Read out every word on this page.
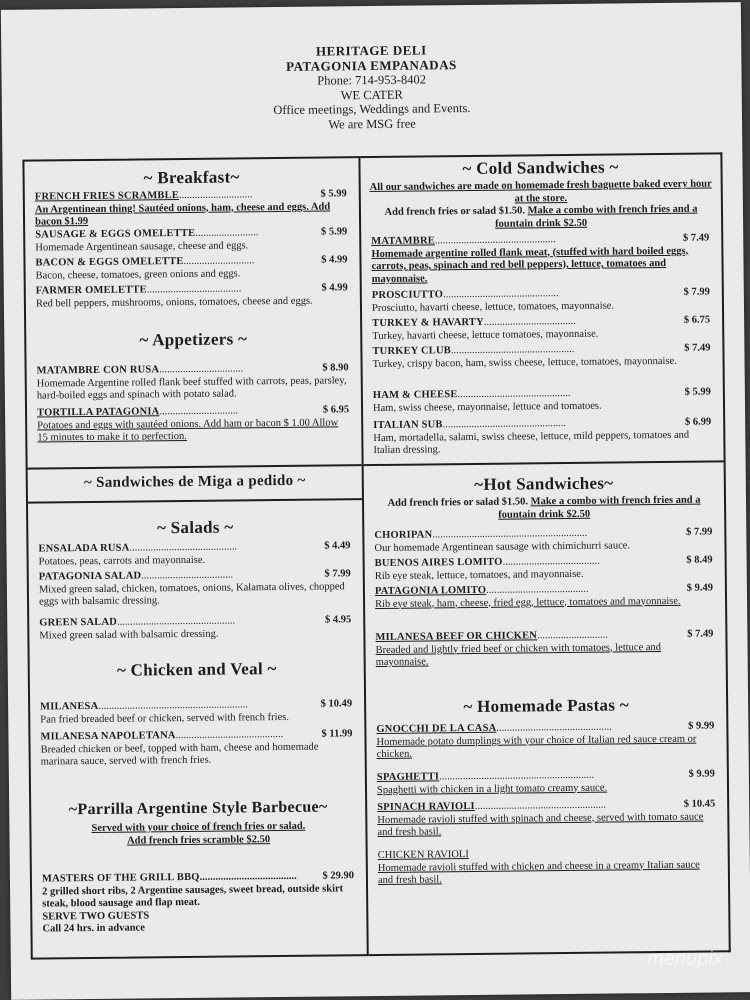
HERITAGE DELI
PATAGONIA EMPANADAS
Phone: 714-953-8402
WE CATER
Office meetings, Weddings and Events.
We are MSG free
~ Breakfast~
FRENCH FRIES SCRAMBLE............................	$ 5.99
An Argentinean thing! Sautéed onions, ham, cheese and eggs. Add bacon $1.99
SAUSAGE & EGGS OMELETTE........................	$ 5.99
Homemade Argentinean sausage, cheese and eggs.
BACON & EGGS OMELETTE...........................	$ 4.99
Bacon, cheese, tomatoes, green onions and eggs.
FARMER OMELETTE....................................	$ 4.99
Red bell peppers, mushrooms, onions, tomatoes, cheese and eggs.
~ Appetizers ~
MATAMBRE CON RUSA................................	$ 8.90
Homemade Argentine rolled flank beef stuffed with carrots, peas, parsley, hard-boiled eggs and spinach with potato salad.
TORTILLA PATAGONIA..............................	$ 6.95
Potatoes and eggs with sautéed onions. Add ham or bacon $ 1.00 Allow 15 minutes to make it to perfection.
~ Sandwiches de Miga a pedido ~
~ Salads ~
ENSALADA RUSA.........................................	$ 4.49
Potatoes, peas, carrots and mayonnaise.
PATAGONIA SALAD...................................	$ 7.99
Mixed green salad, chicken, tomatoes, onions, Kalamata olives, chopped eggs with balsamic dressing.
GREEN SALAD.............................................	$ 4.95
Mixed green salad with balsamic dressing.
~ Chicken and Veal ~
MILANESA.........................................................	$ 10.49
Pan fried breaded beef or chicken, served with french fries.
MILANESA NAPOLETANA.........................................	$ 11.99
Breaded chicken or beef, topped with ham, cheese and homemade marinara sauce, served with french fries.
~Parrilla Argentine Style Barbecue~
Served with your choice of french fries or salad.
Add french fries scramble $2.50
MASTERS OF THE GRILL BBQ..................................... $ 29.90
2 grilled short ribs, 2 Argentine sausages, sweet bread, outside skirt steak, blood sausage and flap meat.
SERVE TWO GUESTS
Call 24 hrs. in advance
~ Cold Sandwiches ~
All our sandwiches are made on homemade fresh baguette baked every hour at the store.
Add french fries or salad $1.50. Make a combo with french fries and a fountain drink $2.50
MATAMBRE..............................................	$ 7.49
Homemade argentine rolled flank meat, (stuffed with hard boiled eggs, carrots, peas, spinach and red bell peppers), lettuce, tomatoes and mayonnaise.
PROSCIUTTO............................................	$ 7.99
Prosciutto, havarti cheese, lettuce, tomatoes, mayonnaise.
TURKEY & HAVARTY...................................	$ 6.75
Turkey, havarti cheese, lettuce tomatoes, mayonnaise.
TURKEY CLUB...............................................	$ 7.49
Turkey, crispy bacon, ham, swiss cheese, lettuce, tomatoes, mayonnaise.
HAM & CHEESE...........................................	$ 5.99
Ham, swiss cheese, mayonnaise, lettuce and tomatoes.
ITALIAN SUB...............................................	$ 6.99
Ham, mortadella, salami, swiss cheese, lettuce, mild peppers, tomatoes and Italian dressing.
~Hot Sandwiches~
Add french fries or salad $1.50. Make a combo with french fries and a fountain drink $2.50
CHORIPAN...........................................................	$ 7.99
Our homemade Argentinean sausage with chimichurri sauce.
BUENOS AIRES LOMITO.....................................	$ 8.49
Rib eye steak, lettuce, tomatoes, and mayonnaise.
PATAGONIA LOMITO.......................................	$ 9.49
Rib eye steak, ham, cheese, fried egg, lettuce, tomatoes and mayonnaise.
MILANESA BEEF OR CHICKEN...........................	$ 7.49
Breaded and lightly fried beef or chicken with tomatoes, lettuce and mayonnaise.
~ Homemade Pastas ~
GNOCCHI DE LA CASA............................................	$ 9.99
Homemade potato dumplings with your choice of Italian red sauce cream or chicken.
SPAGHETTI...........................................................	$ 9.99
Spaghetti with chicken in a light tomato creamy sauce.
SPINACH RAVIOLI..................................................	$ 10.45
Homemade ravioli stuffed with spinach and cheese, served with tomato sauce and fresh basil.
CHICKEN RAVIOLI
Homemade ravioli stuffed with chicken and cheese in a creamy Italian sauce and fresh basil.
menupix
